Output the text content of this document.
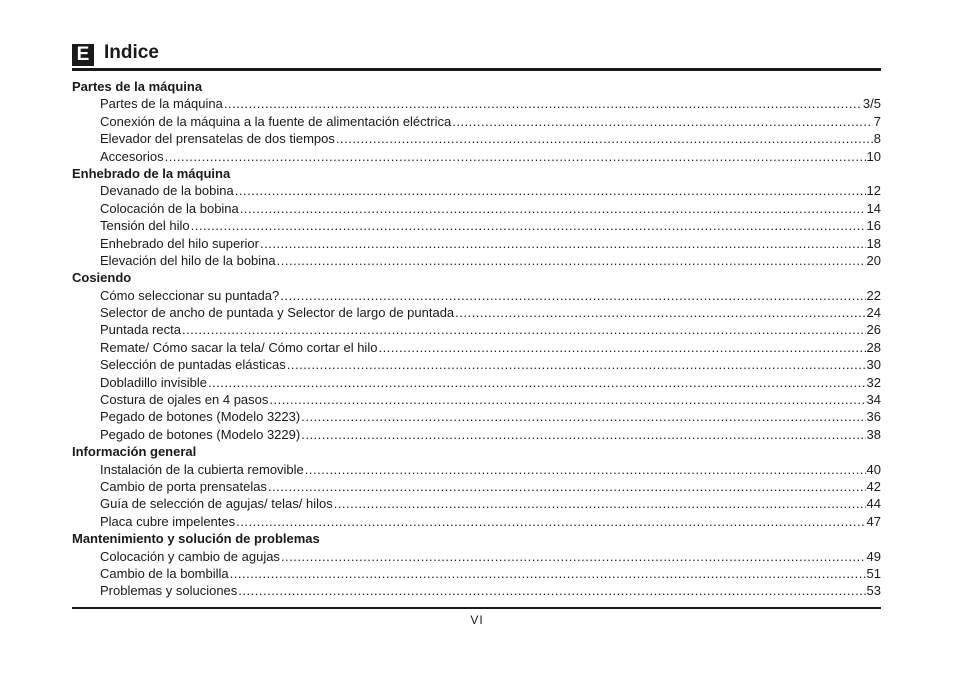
E Indice
Partes de la máquina
Partes de la máquina .....	3/5
Conexión de la máquina a la fuente de alimentación eléctrica .....	7
Elevador del prensatelas de dos tiempos .....	8
Accesorios .....	10
Enhebrado de la máquina
Devanado de la bobina .....	12
Colocación de la bobina .....	14
Tensión del hilo .....	16
Enhebrado del hilo superior .....	18
Elevación del hilo de la bobina .....	20
Cosiendo
Cómo seleccionar su puntada? .....	22
Selector de ancho de puntada y Selector de largo de puntada .....	24
Puntada recta .....	26
Remate/ Cómo sacar la tela/ Cómo cortar el hilo .....	28
Selección de puntadas elásticas .....	30
Dobladillo invisible .....	32
Costura de ojales en 4 pasos .....	34
Pegado de botones (Modelo 3223) .....	36
Pegado de botones (Modelo 3229) .....	38
Información general
Instalación de la cubierta removible .....	40
Cambio de porta prensatelas .....	42
Guía de selección de agujas/ telas/ hilos .....	44
Placa cubre impelentes .....	47
Mantenimiento y solución de problemas
Colocación y cambio de agujas .....	49
Cambio de la bombilla .....	51
Problemas y soluciones .....	53
VI
